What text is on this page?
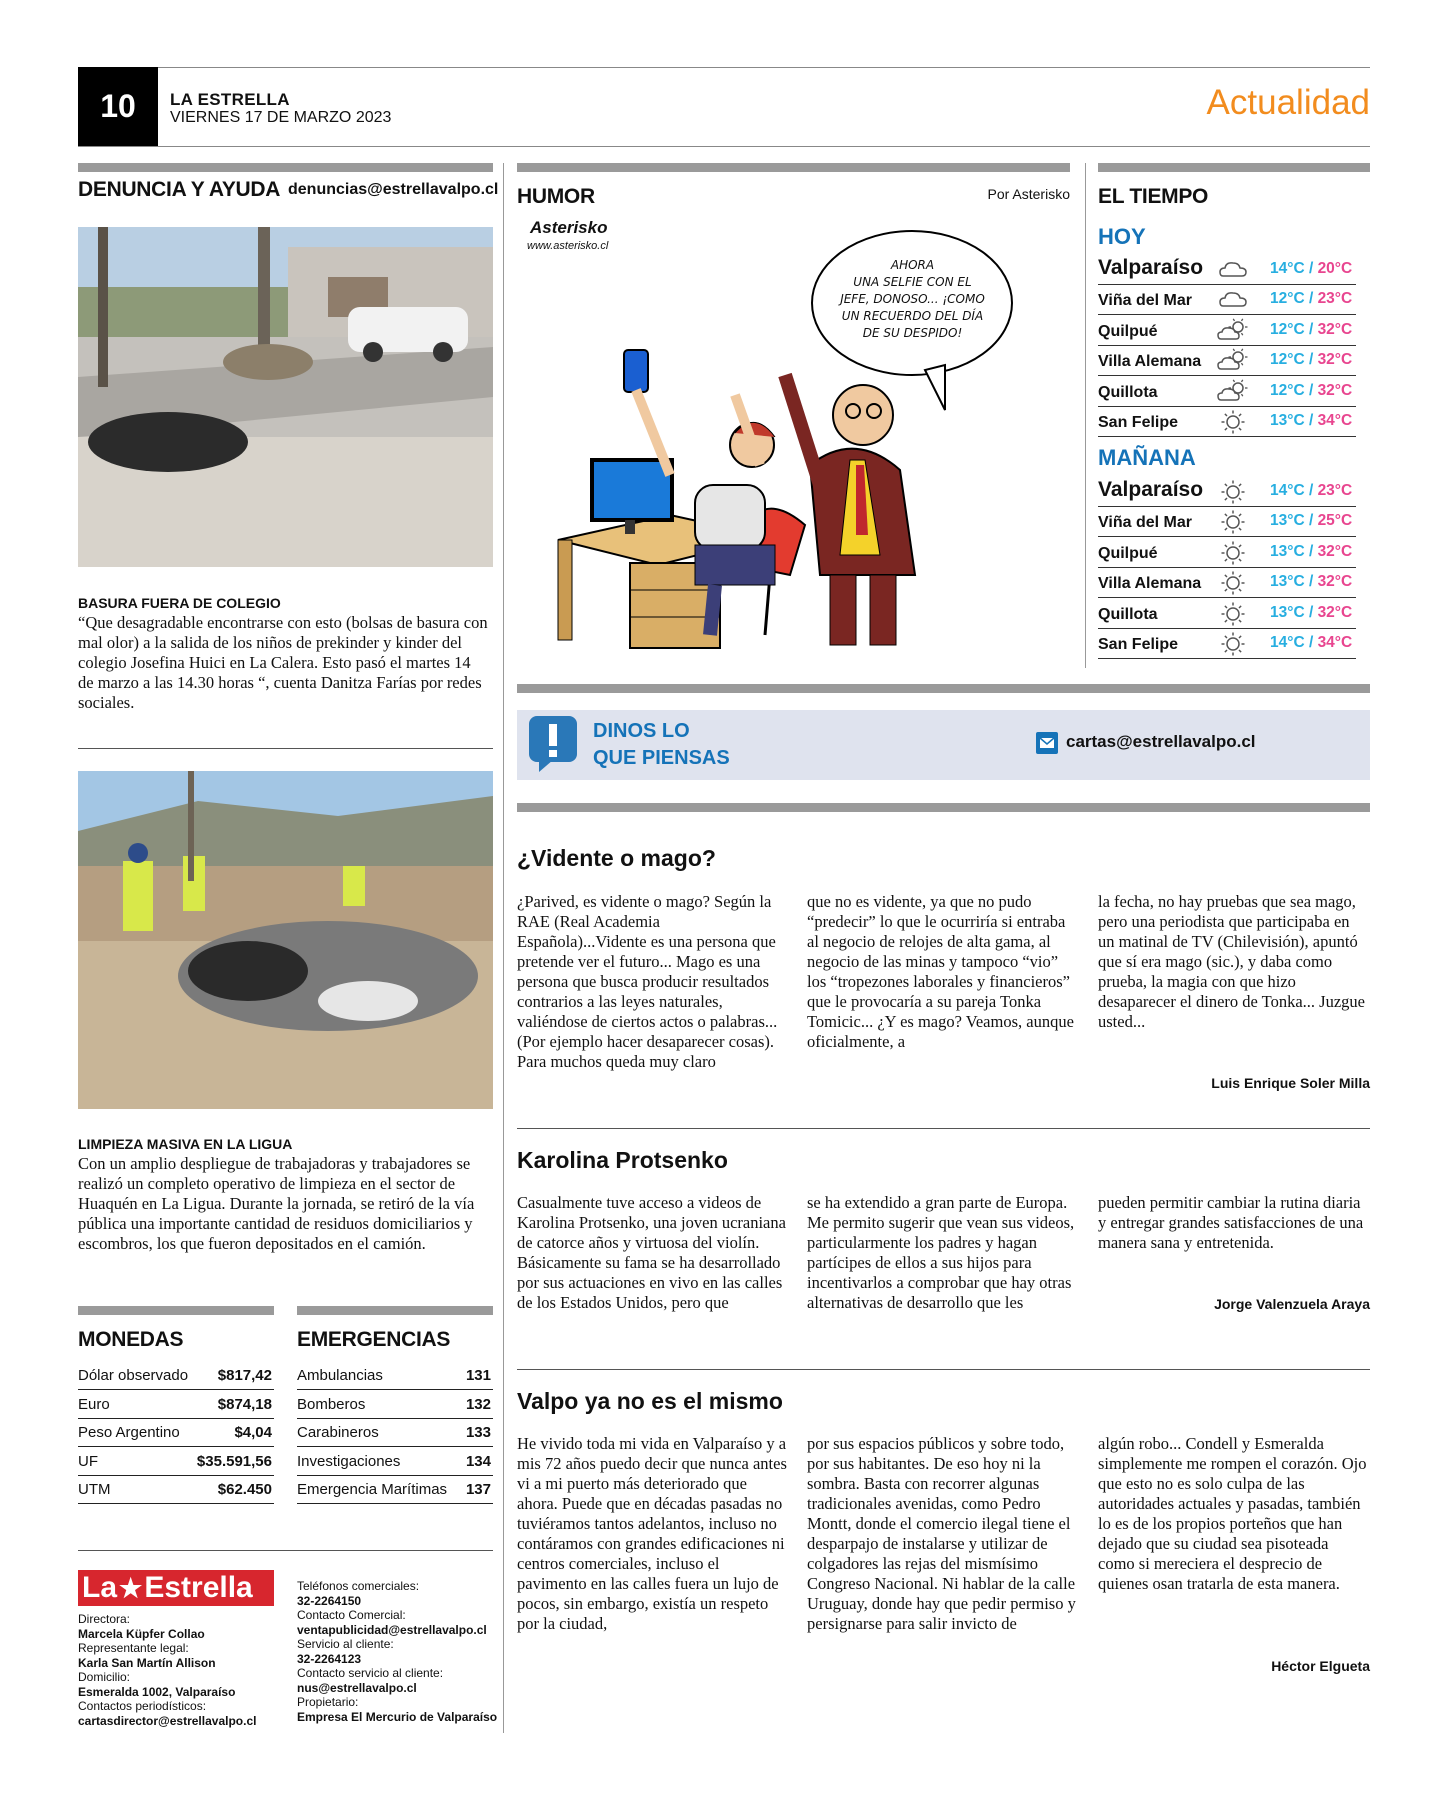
10	LA ESTRELLA
VIERNES 17 DE MARZO 2023	Actualidad
DENUNCIA Y AYUDA denuncias@estrellavalpo.cl
BASURA FUERA DE COLEGIO
“Que desagradable encontrarse con esto (bolsas de basura con mal olor) a la salida de los niños de prekinder y kinder del colegio Josefina Huici en La Calera. Esto pasó el martes 14 de marzo a las 14.30 horas “, cuenta Danitza Farías por redes sociales.
LIMPIEZA MASIVA EN LA LIGUA
Con un amplio despliegue de trabajadoras y trabajadores se realizó un completo operativo de limpieza en el sector de Huaquén en La Ligua. Durante la jornada, se retiró de la vía pública una importante cantidad de residuos domiciliarios y escombros, los que fueron depositados en el camión.
MONEDAS	EMERGENCIAS
Dólar observado $817,42
Euro	$874,18
Peso Argentino	$4,04
UF	$35.591,56
UTM	$62.450
Ambulancias	131
Bomberos	132
Carabineros	133
Investigaciones	134
Emergencia Marítimas 137
La ★ Estrella
Directora:
Marcela Küpfer Collao
Representante legal:
Karla San Martín Allison
Domicilio:
Esmeralda 1002, Valparaíso
Contactos periodísticos:
cartasdirector@estrellavalpo.cl
Teléfonos comerciales:
32-2264150
Contacto Comercial:
ventapublicidad@estrellavalpo.cl
Servicio al cliente:
32-2264123
Contacto servicio al cliente:
nus@estrellavalpo.cl
Propietario:
Empresa El Mercurio de Valparaíso
HUMOR	Por Asterisko
Asterisko
www.asterisko.cl
AHORA
UNA SELFIE CON EL
JEFE, DONOSO... ¡COMO
UN RECUERDO DEL DÍA
DE SU DESPIDO!
EL TIEMPO
HOY
MAÑANA
Valparaíso	14°C / 20°C
Viña del Mar	12°C / 23°C
Quilpué	12°C / 32°C
Villa Alemana	12°C / 32°C
Quillota	12°C / 32°C
San Felipe	13°C / 34°C
Valparaíso	14°C / 23°C
Viña del Mar	13°C / 25°C
Quilpué	13°C / 32°C
Villa Alemana	13°C / 32°C
Quillota	13°C / 32°C
San Felipe	14°C / 34°C
DINOS LO
QUE PIENSAS
cartas@estrellavalpo.cl
¿Vidente o mago?
¿Parived, es vidente o mago? Según la RAE (Real Academia Española)...Vidente es una persona que pretende ver el futuro... Mago es una persona que busca producir resultados contrarios a las leyes naturales, valiéndose de ciertos actos o palabras... (Por ejemplo hacer desaparecer cosas). Para muchos queda muy claro
que no es vidente, ya que no pudo “predecir” lo que le ocurriría si entraba al negocio de relojes de alta gama, al negocio de las minas y tampoco “vio” los “tropezones laborales y financieros” que le provocaría a su pareja Tonka Tomicic... ¿Y es mago? Veamos, aunque oficialmente, a
la fecha, no hay pruebas que sea mago, pero una periodista que participaba en un matinal de TV (Chilevisión), apuntó que sí era mago (sic.), y daba como prueba, la magia con que hizo desaparecer el dinero de Tonka... Juzgue usted...
Luis Enrique Soler Milla
Karolina Protsenko
Casualmente tuve acceso a videos de Karolina Protsenko, una joven ucraniana de catorce años y virtuosa del violín. Básicamente su fama se ha desarrollado por sus actuaciones en vivo en las calles de los Estados Unidos, pero que
se ha extendido a gran parte de Europa. Me permito sugerir que vean sus videos, particularmente los padres y hagan partícipes de ellos a sus hijos para incentivarlos a comprobar que hay otras alternativas de desarrollo que les
pueden permitir cambiar la rutina diaria y entregar grandes satisfacciones de una manera sana y entretenida.
Jorge Valenzuela Araya
Valpo ya no es el mismo
He vivido toda mi vida en Valparaíso y a mis 72 años puedo decir que nunca antes vi a mi puerto más deteriorado que ahora. Puede que en décadas pasadas no tuviéramos tantos adelantos, incluso no contáramos con grandes edificaciones ni centros comerciales, incluso el pavimento en las calles fuera un lujo de pocos, sin embargo, existía un respeto por la ciudad,
por sus espacios públicos y sobre todo, por sus habitantes. De eso hoy ni la sombra. Basta con recorrer algunas tradicionales avenidas, como Pedro Montt, donde el comercio ilegal tiene el desparpajo de instalarse y utilizar de colgadores las rejas del mismísimo Congreso Nacional. Ni hablar de la calle Uruguay, donde hay que pedir permiso y persignarse para salir invicto de
algún robo... Condell y Esmeralda simplemente me rompen el corazón. Ojo que esto no es solo culpa de las autoridades actuales y pasadas, también lo es de los propios porteños que han dejado que su ciudad sea pisoteada como si mereciera el desprecio de quienes osan tratarla de esta manera.
Héctor Elgueta
